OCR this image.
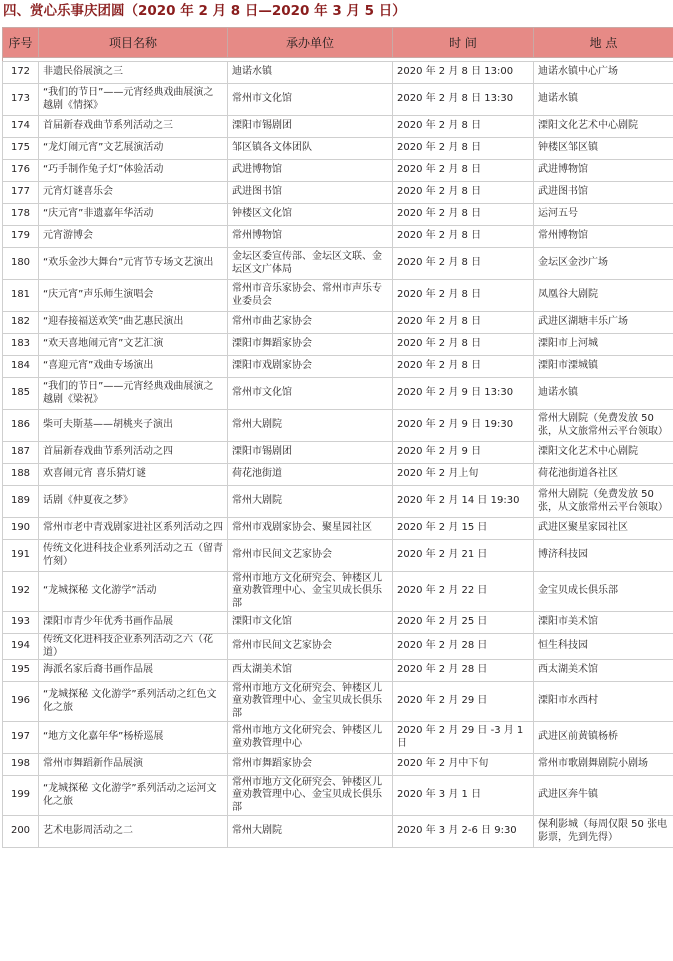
四、赏心乐事庆团圆（2020 年 2 月 8 日—2020 年 3 月 5 日）
序号	项目名称	承办单位	时 间	地 点

172	非遗民俗展演之三	迪诺水镇	2020 年 2 月 8 日 13:00	迪诺水镇中心广场
173	“我们的节日”——元宵经典戏曲展演之越剧《情探》	常州市文化馆	2020 年 2 月 8 日 13:30	迪诺水镇
174	首届新春戏曲节系列活动之三	溧阳市锡剧团	2020 年 2 月 8 日	溧阳文化艺术中心剧院
175	“龙灯闹元宵”文艺展演活动	邹区镇各文体团队	2020 年 2 月 8 日	钟楼区邹区镇
176	“巧手制作兔子灯”体验活动	武进博物馆	2020 年 2 月 8 日	武进博物馆
177	元宵灯谜喜乐会	武进图书馆	2020 年 2 月 8 日	武进图书馆
178	“庆元宵”非遗嘉年华活动	钟楼区文化馆	2020 年 2 月 8 日	运河五号
179	元宵游博会	常州博物馆	2020 年 2 月 8 日	常州博物馆
180	“欢乐金沙大舞台”元宵节专场文艺演出	金坛区委宣传部、金坛区文联、金坛区文广体局	2020 年 2 月 8 日	金坛区金沙广场
181	“庆元宵”声乐师生演唱会	常州市音乐家协会、常州市声乐专业委员会	2020 年 2 月 8 日	凤凰谷大剧院
182	“迎春接福送欢笑”曲艺惠民演出	常州市曲艺家协会	2020 年 2 月 8 日	武进区湖塘丰乐广场
183	“欢天喜地闹元宵”文艺汇演	溧阳市舞蹈家协会	2020 年 2 月 8 日	溧阳市上河城
184	“喜迎元宵”戏曲专场演出	溧阳市戏剧家协会	2020 年 2 月 8 日	溧阳市溧城镇
185	“我们的节日”——元宵经典戏曲展演之越剧《梁祝》	常州市文化馆	2020 年 2 月 9 日 13:30	迪诺水镇
186	柴可夫斯基——胡桃夹子演出	常州大剧院	2020 年 2 月 9 日 19:30	常州大剧院（免费发放 50 张，从文旅常州云平台领取）
187	首届新春戏曲节系列活动之四	溧阳市锡剧团	2020 年 2 月 9 日	溧阳文化艺术中心剧院
188	欢喜闹元宵 喜乐猜灯谜	荷花池街道	2020 年 2 月上旬	荷花池街道各社区
189	话剧《仲夏夜之梦》	常州大剧院	2020 年 2 月 14 日 19:30	常州大剧院（免费发放 50 张，从文旅常州云平台领取）
190	常州市老中青戏剧家进社区系列活动之四	常州市戏剧家协会、聚星园社区	2020 年 2 月 15 日	武进区聚星家园社区
191	传统文化进科技企业系列活动之五（留青竹刻）	常州市民间文艺家协会	2020 年 2 月 21 日	博济科技园
192	“龙城探秘 文化游学”活动	常州市地方文化研究会、钟楼区儿童劝教管理中心、金宝贝成长俱乐部	2020 年 2 月 22 日	金宝贝成长俱乐部
193	溧阳市青少年优秀书画作品展	溧阳市文化馆	2020 年 2 月 25 日	溧阳市美术馆
194	传统文化进科技企业系列活动之六（花道）	常州市民间文艺家协会	2020 年 2 月 28 日	恒生科技园
195	海派名家后裔书画作品展	西太湖美术馆	2020 年 2 月 28 日	西太湖美术馆
196	“龙城探秘 文化游学”系列活动之红色文化之旅	常州市地方文化研究会、钟楼区儿童劝教管理中心、金宝贝成长俱乐部	2020 年 2 月 29 日	溧阳市水西村
197	“地方文化嘉年华”杨桥巡展	常州市地方文化研究会、钟楼区儿童劝教管理中心	2020 年 2 月 29 日 -3 月 1 日	武进区前黄镇杨桥
198	常州市舞蹈新作品展演	常州市舞蹈家协会	2020 年 2 月中下旬	常州市歌剧舞剧院小剧场
199	“龙城探秘 文化游学”系列活动之运河文化之旅	常州市地方文化研究会、钟楼区儿童劝教管理中心、金宝贝成长俱乐部	2020 年 3 月 1 日	武进区奔牛镇
200	艺术电影周活动之二	常州大剧院	2020 年 3 月 2-6 日 9:30	保利影城（每周仅限 50 张电影票，先到先得）
